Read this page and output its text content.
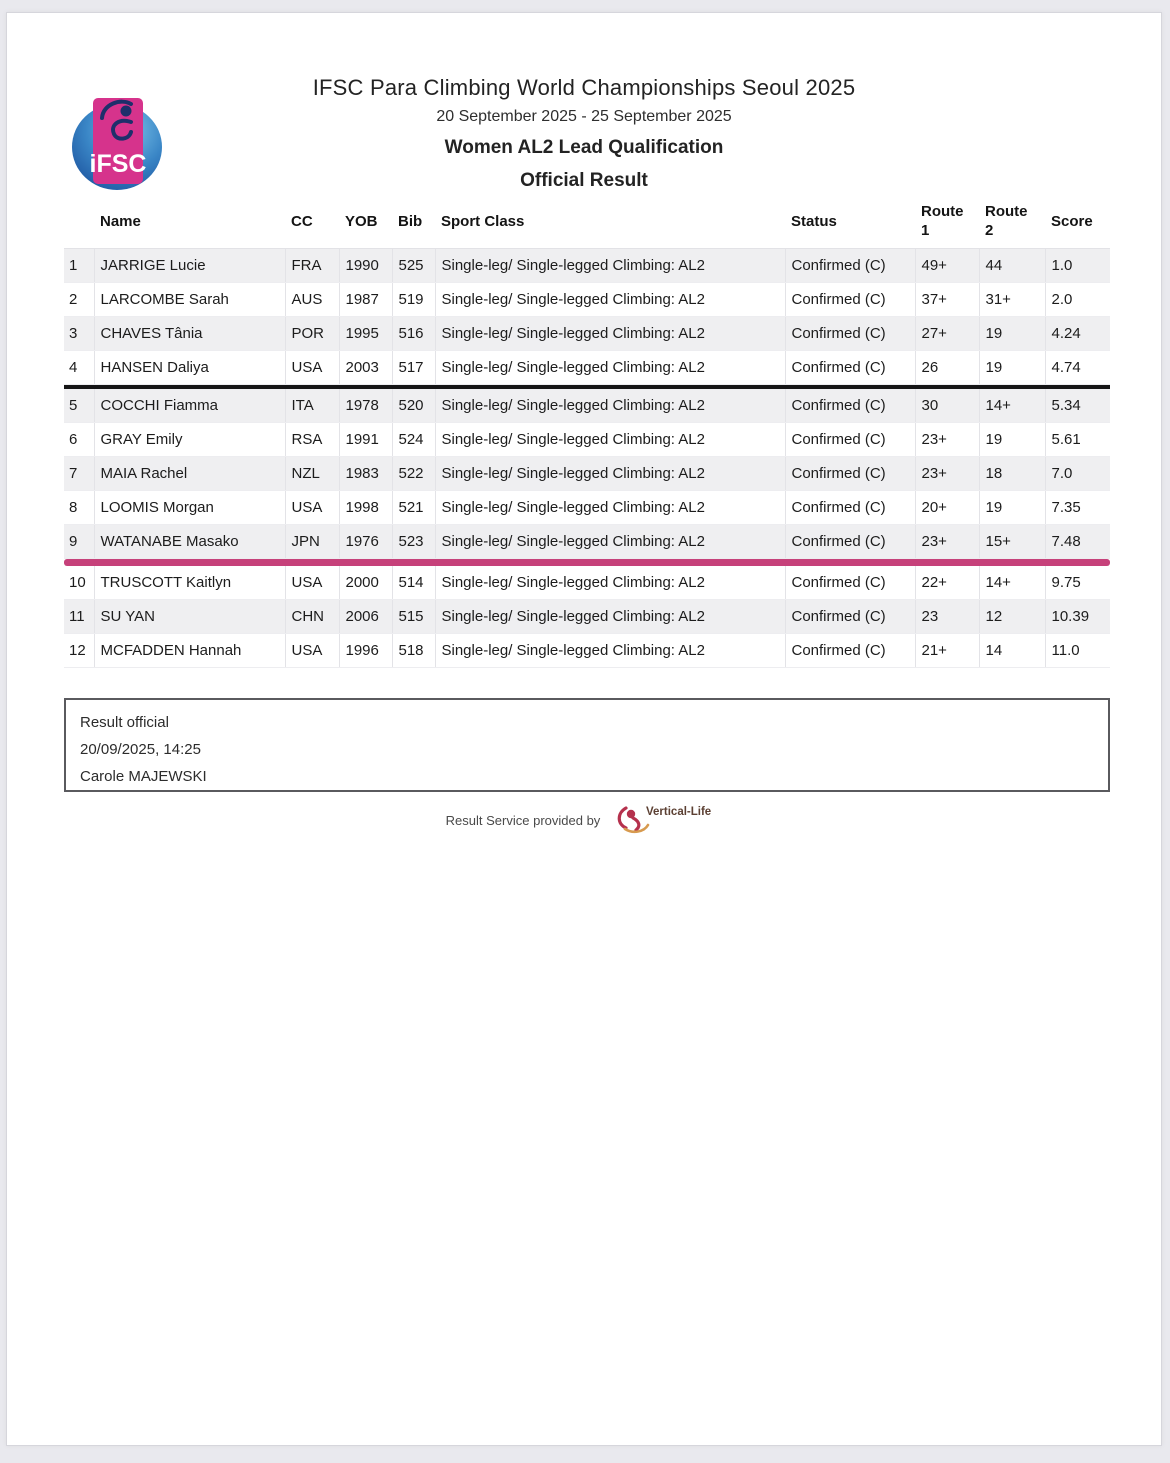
iFSC
IFSC Para Climbing World Championships Seoul 2025
20 September 2025 - 25 September 2025
Women AL2 Lead Qualification
Official Result
	Name	CC	YOB	Bib	Sport Class	Status	Route 1	Route 2	Score
1	JARRIGE Lucie	FRA	1990	525	Single-leg/ Single-legged Climbing: AL2	Confirmed (C)	49+	44	1.0
2	LARCOMBE Sarah	AUS	1987	519	Single-leg/ Single-legged Climbing: AL2	Confirmed (C)	37+	31+	2.0
3	CHAVES Tânia	POR	1995	516	Single-leg/ Single-legged Climbing: AL2	Confirmed (C)	27+	19	4.24
4	HANSEN Daliya	USA	2003	517	Single-leg/ Single-legged Climbing: AL2	Confirmed (C)	26	19	4.74

5	COCCHI Fiamma	ITA	1978	520	Single-leg/ Single-legged Climbing: AL2	Confirmed (C)	30	14+	5.34
6	GRAY Emily	RSA	1991	524	Single-leg/ Single-legged Climbing: AL2	Confirmed (C)	23+	19	5.61
7	MAIA Rachel	NZL	1983	522	Single-leg/ Single-legged Climbing: AL2	Confirmed (C)	23+	18	7.0
8	LOOMIS Morgan	USA	1998	521	Single-leg/ Single-legged Climbing: AL2	Confirmed (C)	20+	19	7.35
9	WATANABE Masako	JPN	1976	523	Single-leg/ Single-legged Climbing: AL2	Confirmed (C)	23+	15+	7.48

10	TRUSCOTT Kaitlyn	USA	2000	514	Single-leg/ Single-legged Climbing: AL2	Confirmed (C)	22+	14+	9.75
11	SU YAN	CHN	2006	515	Single-leg/ Single-legged Climbing: AL2	Confirmed (C)	23	12	10.39
12	MCFADDEN Hannah	USA	1996	518	Single-leg/ Single-legged Climbing: AL2	Confirmed (C)	21+	14	11.0
Result official
20/09/2025, 14:25
Carole MAJEWSKI
Result Service provided by
Vertical-Life
